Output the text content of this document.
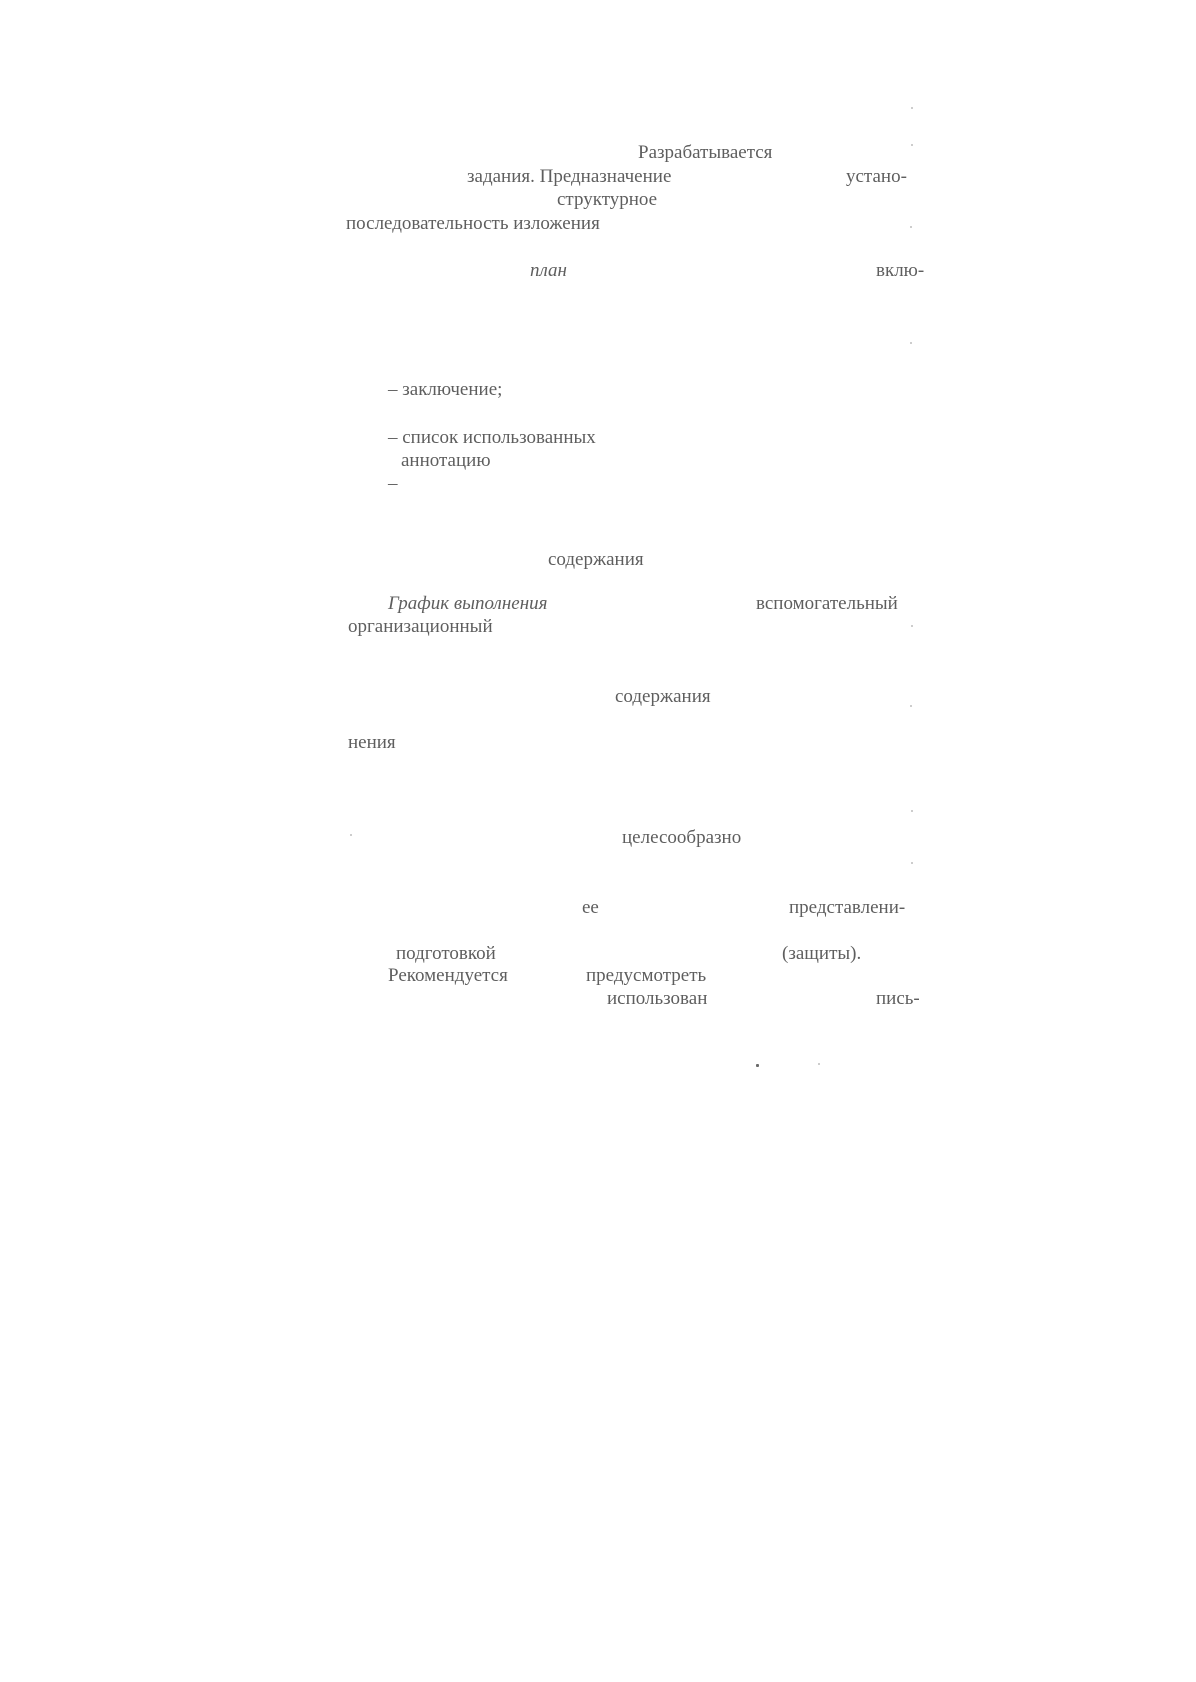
Разрабатывается
задания. Предназначение	устано-
структурное
последовательность изложения
план	вклю-
– заключение;
– список использованных
аннотацию
–
содержания
График выполнения	вспомогательный
организационный
содержания
нения
целесообразно
ее	представлени-
подготовкой	(защиты).
Рекомендуется	предусмотреть
использован	пись-
